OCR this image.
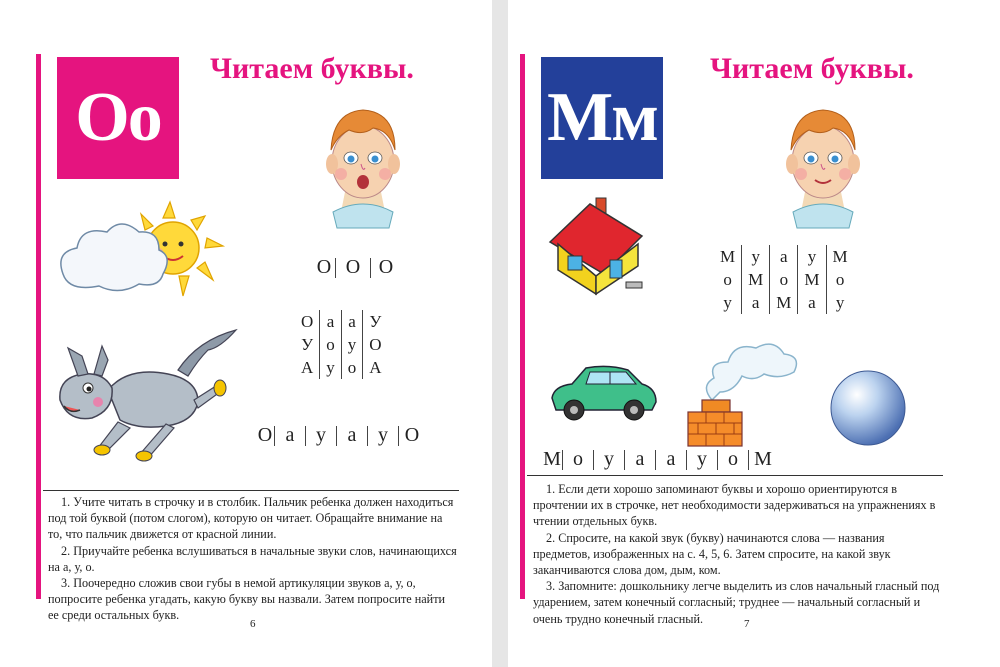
Оо
Читаем буквы.
О О О
О	а	а	У
У	о	у	О
А	у	о	А
О а	у	а	у О

1. Учите читать в строчку и в столбик. Пальчик ребенка должен находиться под той буквой (потом слогом), которую он читает. Обращайте внимание на то, что пальчик движется от красной линии.

2. Приучайте ребенка вслушиваться в начальные звуки слов, начинающихся на а, у, о.

3. Поочередно сложив свои губы в немой артикуляции звуков а, у, о, попросите ребенка угадать, какую букву вы назвали. Затем попросите найти ее среди остальных букв.

6
Мм
Читаем буквы.
М	у	а	у	М
о	М	о	М	о
у	а	М	а	у
М о	у	а	а	у	о М

1. Если дети хорошо запоминают буквы и хорошо ориентируются в прочтении их в строчке, нет необходимости задерживаться на упражнениях в чтении отдельных букв.

2. Спросите, на какой звук (букву) начинаются слова — названия предметов, изображенных на с. 4, 5, 6. Затем спросите, на какой звук заканчиваются слова дом, дым, ком.

3. Запомните: дошкольнику легче выделить из слов начальный гласный под ударением, затем конечный согласный; труднее — начальный согласный и очень трудно конечный гласный.	7
